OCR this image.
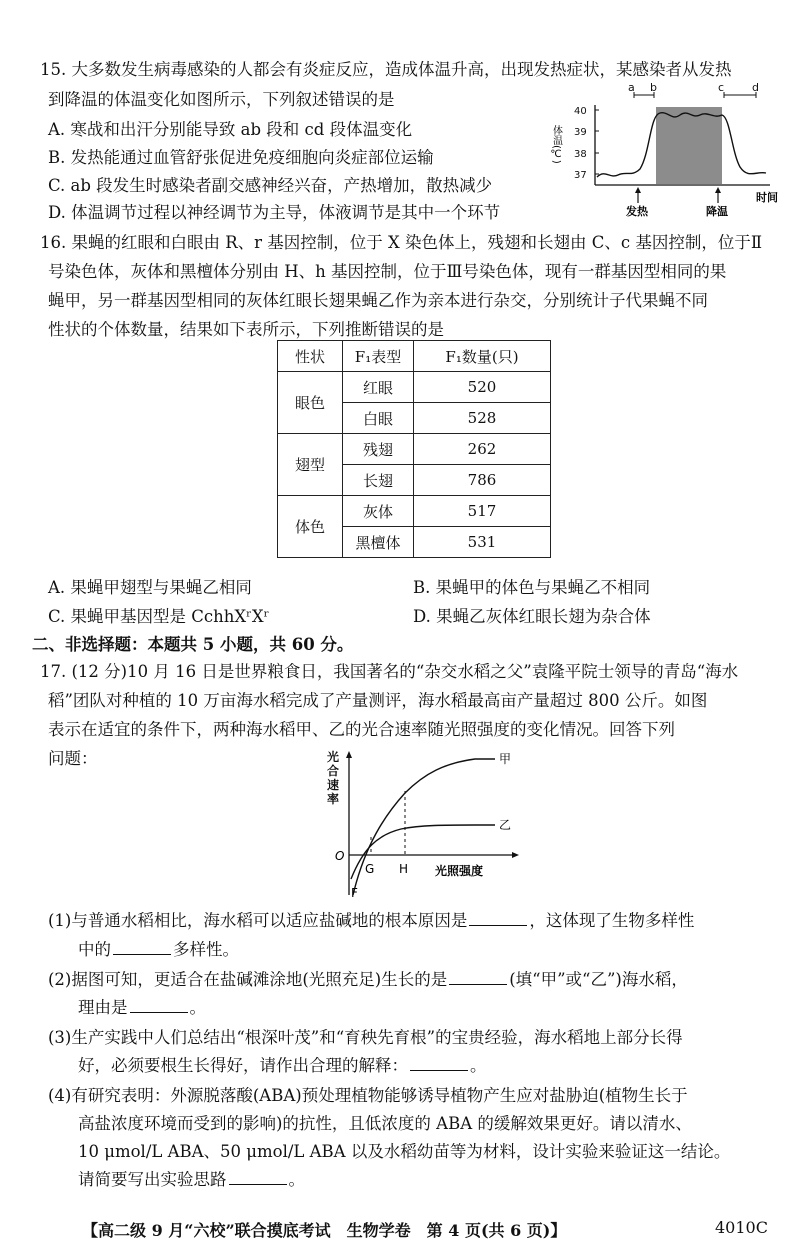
15. 大多数发生病毒感染的人都会有炎症反应，造成体温升高，出现发热症状，某感染者从发热
到降温的体温变化如图所示，下列叙述错误的是
A. 寒战和出汗分别能导致 ab 段和 cd 段体温变化
B. 发热能通过血管舒张促进免疫细胞向炎症部位运输
C. ab 段发生时感染者副交感神经兴奋，产热增加，散热减少
D. 体温调节过程以神经调节为主导，体液调节是其中一个环节
40
39
38
37
体温(℃)
a b	c	d
发热	降温
时间
16. 果蝇的红眼和白眼由 R、r 基因控制，位于 X 染色体上，残翅和长翅由 C、c 基因控制，位于Ⅱ
号染色体，灰体和黑檀体分别由 H、h 基因控制，位于Ⅲ号染色体，现有一群基因型相同的果
蝇甲，另一群基因型相同的灰体红眼长翅果蝇乙作为亲本进行杂交，分别统计子代果蝇不同
性状的个体数量，结果如下表所示，下列推断错误的是
性状	F₁表型	F₁数量(只)
眼色	红眼	520
	白眼	528
翅型	残翅	262
	长翅	786
体色	灰体	517
	黑檀体	531
A. 果蝇甲翅型与果蝇乙相同	B. 果蝇甲的体色与果蝇乙不相同
C. 果蝇甲基因型是 CchhXʳXʳ	D. 果蝇乙灰体红眼长翅为杂合体
二、非选择题：本题共 5 小题，共 60 分。
17. (12 分)10 月 16 日是世界粮食日，我国著名的“杂交水稻之父”袁隆平院士领导的青岛“海水
稻”团队对种植的 10 万亩海水稻完成了产量测评，海水稻最高亩产量超过 800 公斤。如图
表示在适宜的条件下，两种海水稻甲、乙的光合速率随光照强度的变化情况。回答下列
问题：	光
合
速
率
O
G H
F
甲
乙
光照强度
(1)与普通水稻相比，海水稻可以适应盐碱地的根本原因是	，这体现了生物多样性
中的	多样性。
(2)据图可知，更适合在盐碱滩涂地(光照充足)生长的是	(填“甲”或“乙”)海水稻，
理由是	。
(3)生产实践中人们总结出“根深叶茂”和“育秧先育根”的宝贵经验，海水稻地上部分长得
好，必须要根生长得好，请作出合理的解释：	。
(4)有研究表明：外源脱落酸(ABA)预处理植物能够诱导植物产生应对盐胁迫(植物生长于
高盐浓度环境而受到的影响)的抗性，且低浓度的 ABA 的缓解效果更好。请以清水、
10 μmol/L ABA、50 μmol/L ABA 以及水稻幼苗等为材料，设计实验来验证这一结论。
请简要写出实验思路	。
【高二级 9 月“六校”联合摸底考试　生物学卷　第 4 页(共 6 页)】	4010C
